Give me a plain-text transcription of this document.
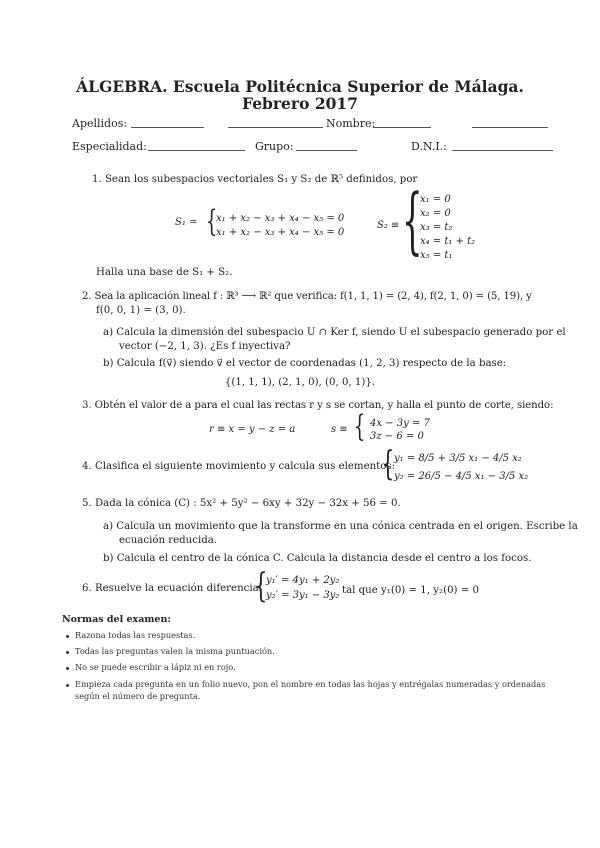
ÁLGEBRA. Escuela Politécnica Superior de Málaga.
Febrero 2017
Apellidos:	Nombre:
Especialidad:	Grupo:	D.N.I.:
1. Sean los subespacios vectoriales S₁ y S₂ de ℝ⁵ definidos, por
S₁ = {
x₁ + x₂ − x₃ + x₄ − x₅ = 0
x₁ + x₂ − x₃ + x₄ − x₅ = 0
S₂ ≡ {
x₁ = 0
x₂ = 0
x₃ = t₂
x₄ = t₁ + t₂
x₅ = t₁
Halla una base de S₁ + S₂.
2. Sea la aplicación lineal f : ℝ³ ⟶ ℝ² que verifica: f(1, 1, 1) = (2, 4), f(2, 1, 0) = (5, 19), y
f(0, 0, 1) = (3, 0).
a) Calcula la dimensión del subespacio U ∩ Ker f, siendo U el subespacio generado por el
vector (−2, 1, 3). ¿Es f inyectiva?
b) Calcula f(v⃗) siendo v⃗ el vector de coordenadas (1, 2, 3) respecto de la base:
{(1, 1, 1), (2, 1, 0), (0, 0, 1)}.
3. Obtén el valor de a para el cual las rectas r y s se cortan, y halla el punto de corte, siendo:
r ≡ x = y − z = a	s ≡ { 4x − 3y = 7
3z − 6 = 0
4. Clasifica el siguiente movimiento y calcula sus elementos:
{ y₁ = 8/5 + 3/5 x₁ − 4/5 x₂
y₂ = 26/5 − 4/5 x₁ − 3/5 x₂
5. Dada la cónica (C) : 5x² + 5y² − 6xy + 32y − 32x + 56 = 0.
a) Calcula un movimiento que la transforme en una cónica centrada en el origen. Escribe la
ecuación reducida.
b) Calcula el centro de la cónica C. Calcula la distancia desde el centro a los focos.
6. Resuelve la ecuación diferencial
{
y₁′ = 4y₁ + 2y₂
y₂′ = 3y₁ − 3y₂ tal que y₁(0) = 1, y₂(0) = 0
Normas del examen:
Razona todas las respuestas.
Todas las preguntas valen la misma puntuación.
No se puede escribir a lápiz ni en rojo.
Empieza cada pregunta en un folio nuevo, pon el nombre en todas las hojas y entrégalas numeradas y ordenadas
según el número de pregunta.
